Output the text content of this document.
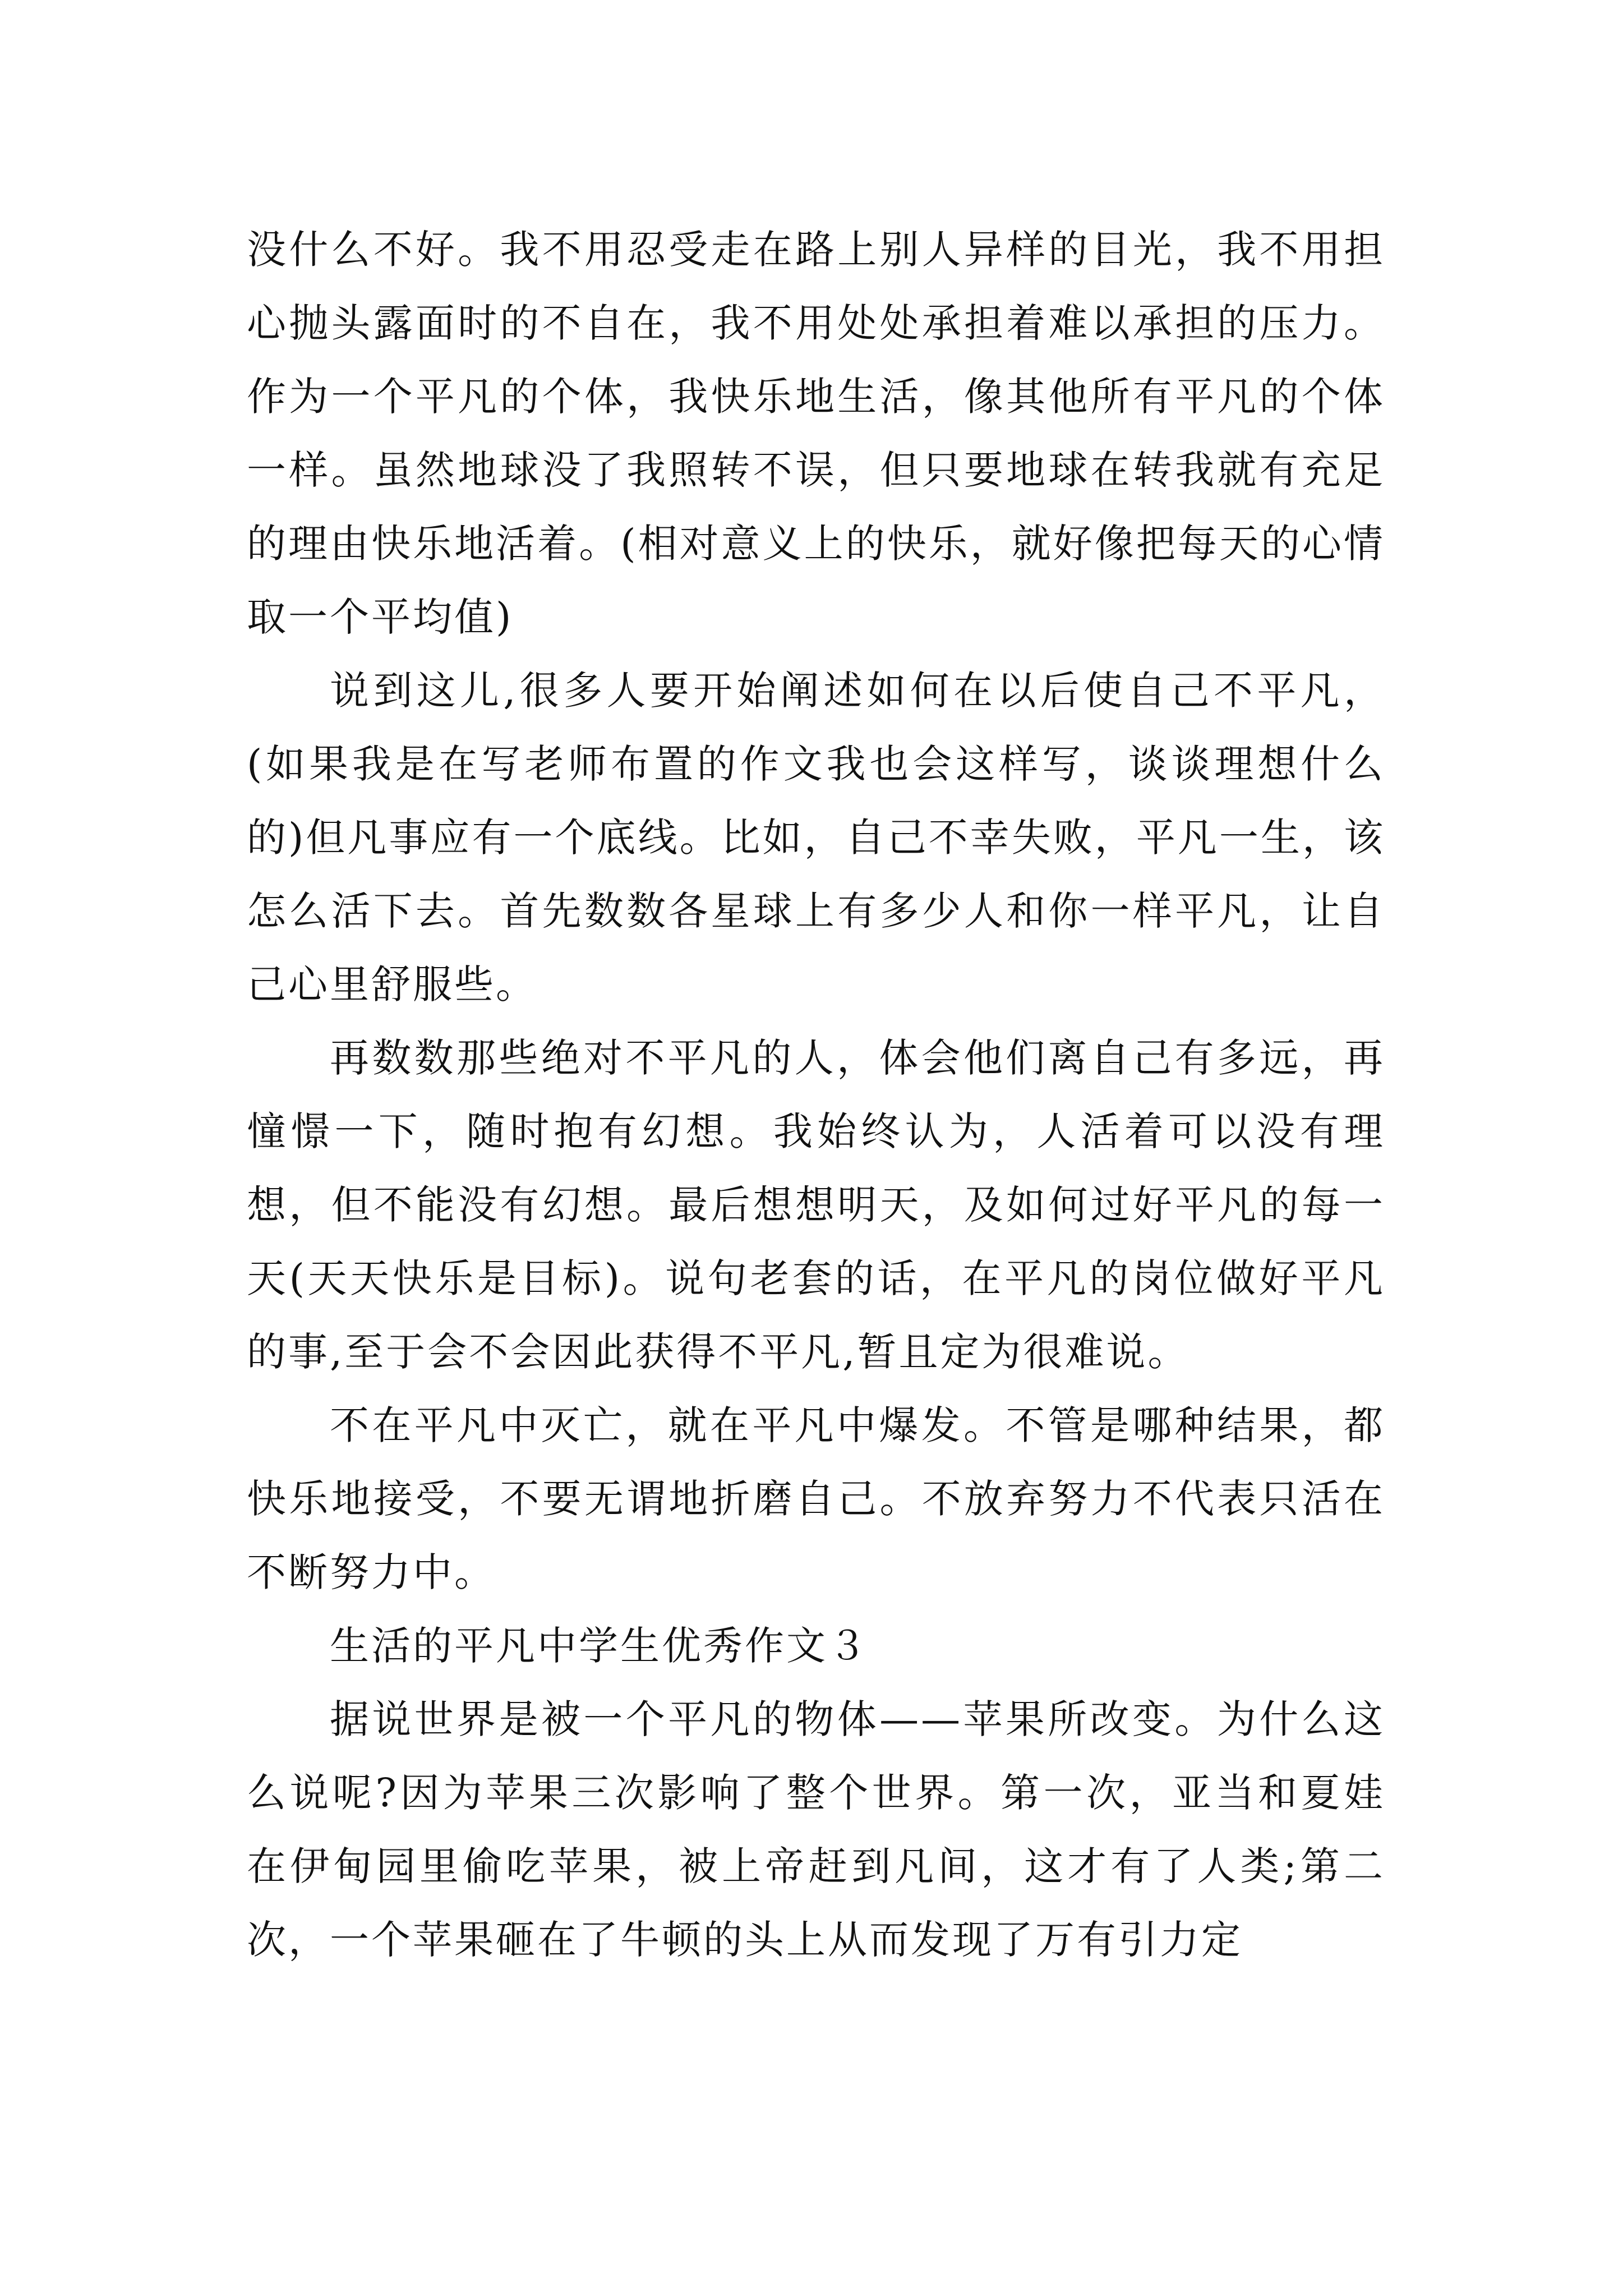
没什么不好。我不用忍受走在路上别人异样的目光，我不用担心抛头露面时的不自在，我不用处处承担着难以承担的压力。作为一个平凡的个体，我快乐地生活，像其他所有平凡的个体一样。虽然地球没了我照转不误，但只要地球在转我就有充足的理由快乐地活着。(相对意义上的快乐，就好像把每天的心情取一个平均值)

说到这儿,很多人要开始阐述如何在以后使自己不平凡，(如果我是在写老师布置的作文我也会这样写，谈谈理想什么的)但凡事应有一个底线。比如，自己不幸失败，平凡一生，该怎么活下去。首先数数各星球上有多少人和你一样平凡，让自己心里舒服些。

再数数那些绝对不平凡的人，体会他们离自己有多远，再憧憬一下，随时抱有幻想。我始终认为，人活着可以没有理想，但不能没有幻想。最后想想明天，及如何过好平凡的每一天(天天快乐是目标)。说句老套的话，在平凡的岗位做好平凡的事,至于会不会因此获得不平凡,暂且定为很难说。

不在平凡中灭亡，就在平凡中爆发。不管是哪种结果，都快乐地接受，不要无谓地折磨自己。不放弃努力不代表只活在不断努力中。

生活的平凡中学生优秀作文３

据说世界是被一个平凡的物体——苹果所改变。为什么这么说呢?因为苹果三次影响了整个世界。第一次，亚当和夏娃在伊甸园里偷吃苹果，被上帝赶到凡间，这才有了人类;第二次，一个苹果砸在了牛顿的头上从而发现了万有引力定
